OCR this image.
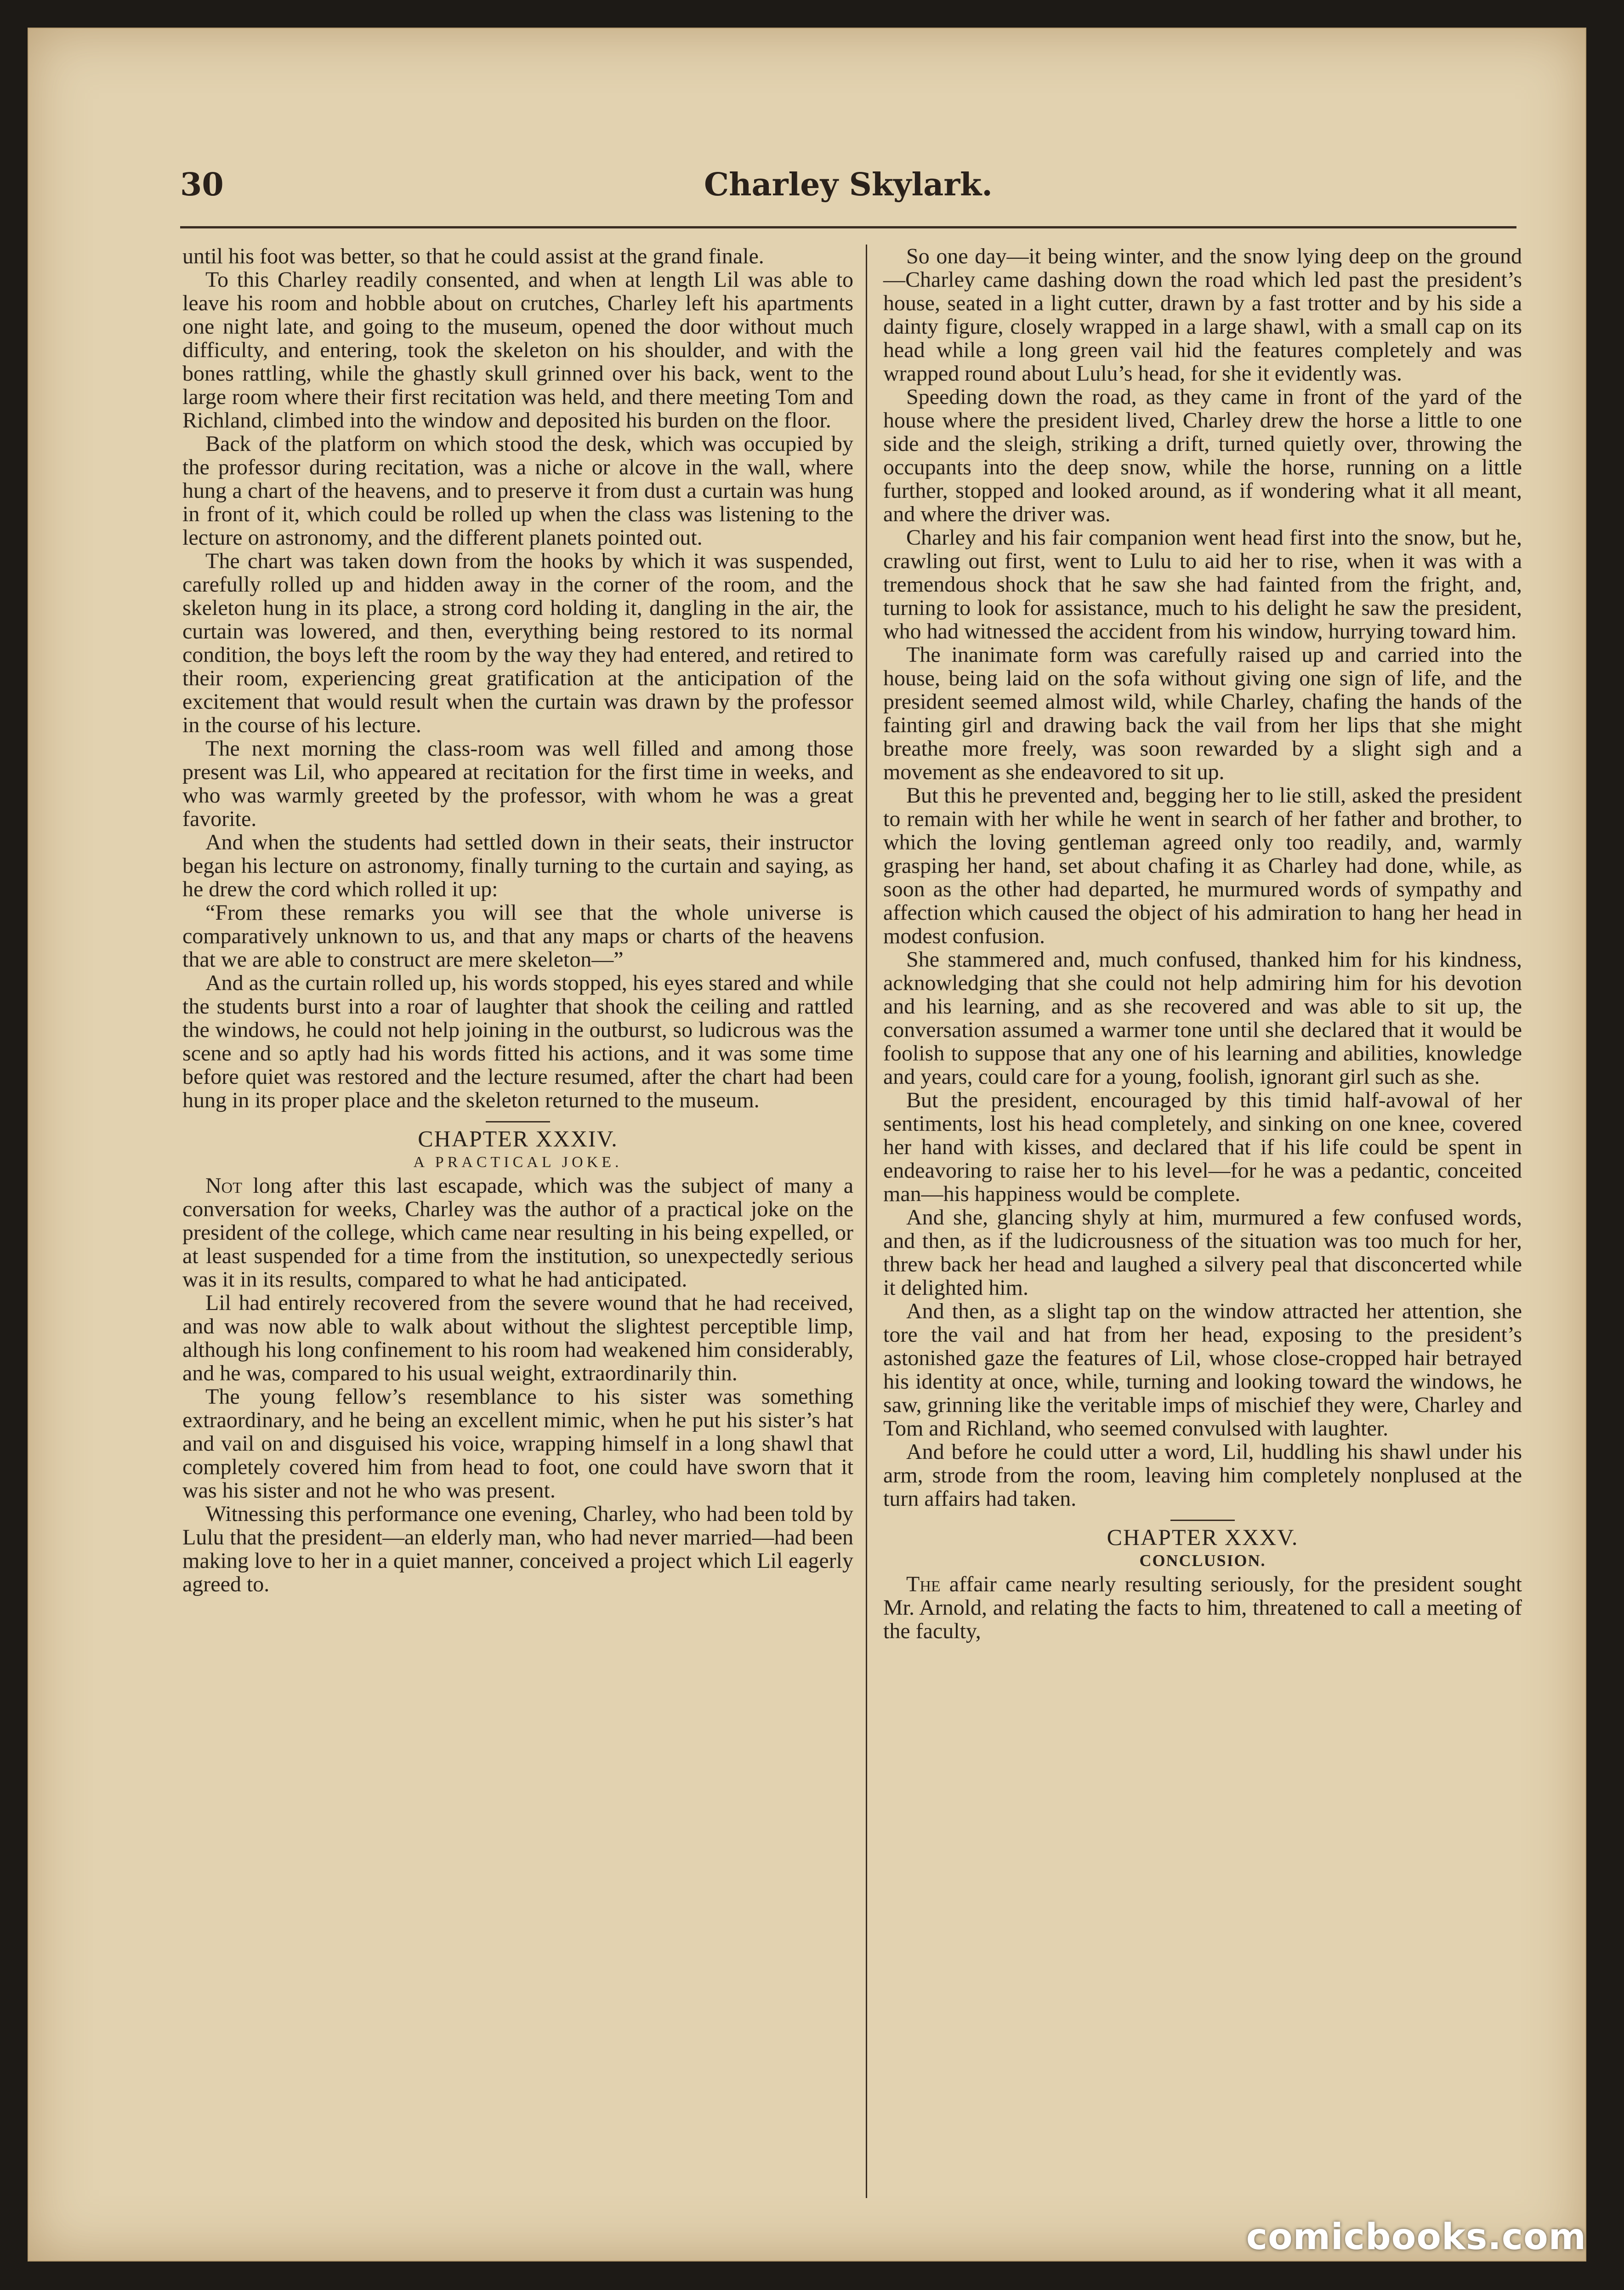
30	Charley Skylark.

until his foot was better, so that he could assist at the grand finale.

To this Charley readily consented, and when at length Lil was able to leave his room and hobble about on crutches, Charley left his apartments one night late, and going to the museum, opened the door without much difficulty, and entering, took the skeleton on his shoulder, and with the bones rattling, while the ghastly skull grinned over his back, went to the large room where their first recitation was held, and there meeting Tom and Richland, climbed into the window and deposited his burden on the floor.

Back of the platform on which stood the desk, which was occupied by the professor during recitation, was a niche or alcove in the wall, where hung a chart of the heavens, and to preserve it from dust a curtain was hung in front of it, which could be rolled up when the class was listening to the lecture on astronomy, and the different planets pointed out.

The chart was taken down from the hooks by which it was suspended, carefully rolled up and hidden away in the corner of the room, and the skeleton hung in its place, a strong cord holding it, dangling in the air, the curtain was lowered, and then, everything being restored to its normal condition, the boys left the room by the way they had entered, and retired to their room, experiencing great gratification at the anticipation of the excitement that would result when the curtain was drawn by the professor in the course of his lecture.

The next morning the class-room was well filled and among those present was Lil, who appeared at recitation for the first time in weeks, and who was warmly greeted by the professor, with whom he was a great favorite.

And when the students had settled down in their seats, their instructor began his lecture on astronomy, finally turning to the curtain and saying, as he drew the cord which rolled it up:

“From these remarks you will see that the whole universe is comparatively unknown to us, and that any maps or charts of the heavens that we are able to construct are mere skeleton—”

And as the curtain rolled up, his words stopped, his eyes stared and while the students burst into a roar of laughter that shook the ceiling and rattled the windows, he could not help joining in the outburst, so ludicrous was the scene and so aptly had his words fitted his actions, and it was some time before quiet was restored and the lecture resumed, after the chart had been hung in its proper place and the skeleton returned to the museum.

CHAPTER XXXIV.
A PRACTICAL JOKE.

Not long after this last escapade, which was the subject of many a conversation for weeks, Charley was the author of a practical joke on the president of the college, which came near resulting in his being expelled, or at least suspended for a time from the institution, so unexpectedly serious was it in its results, compared to what he had anticipated.

Lil had entirely recovered from the severe wound that he had received, and was now able to walk about without the slightest perceptible limp, although his long confinement to his room had weakened him considerably, and he was, compared to his usual weight, extraordinarily thin.

The young fellow’s resemblance to his sister was something extraordinary, and he being an excellent mimic, when he put his sister’s hat and vail on and disguised his voice, wrapping himself in a long shawl that completely covered him from head to foot, one could have sworn that it was his sister and not he who was present.

Witnessing this performance one evening, Charley, who had been told by Lulu that the president—an elderly man, who had never married—had been making love to her in a quiet manner, conceived a project which Lil eagerly agreed to.

So one day—it being winter, and the snow lying deep on the ground—Charley came dashing down the road which led past the president’s house, seated in a light cutter, drawn by a fast trotter and by his side a dainty figure, closely wrapped in a large shawl, with a small cap on its head while a long green vail hid the features completely and was wrapped round about Lulu’s head, for she it evidently was.

Speeding down the road, as they came in front of the yard of the house where the president lived, Charley drew the horse a little to one side and the sleigh, striking a drift, turned quietly over, throwing the occupants into the deep snow, while the horse, running on a little further, stopped and looked around, as if wondering what it all meant, and where the driver was.

Charley and his fair companion went head first into the snow, but he, crawling out first, went to Lulu to aid her to rise, when it was with a tremendous shock that he saw she had fainted from the fright, and, turning to look for assistance, much to his delight he saw the president, who had witnessed the accident from his window, hurrying toward him.

The inanimate form was carefully raised up and carried into the house, being laid on the sofa without giving one sign of life, and the president seemed almost wild, while Charley, chafing the hands of the fainting girl and drawing back the vail from her lips that she might breathe more freely, was soon rewarded by a slight sigh and a movement as she endeavored to sit up.

But this he prevented and, begging her to lie still, asked the president to remain with her while he went in search of her father and brother, to which the loving gentleman agreed only too readily, and, warmly grasping her hand, set about chafing it as Charley had done, while, as soon as the other had departed, he murmured words of sympathy and affection which caused the object of his admiration to hang her head in modest confusion.

She stammered and, much confused, thanked him for his kindness, acknowledging that she could not help admiring him for his devotion and his learning, and as she recovered and was able to sit up, the conversation assumed a warmer tone until she declared that it would be foolish to suppose that any one of his learning and abilities, knowledge and years, could care for a young, foolish, ignorant girl such as she.

But the president, encouraged by this timid half-avowal of her sentiments, lost his head completely, and sinking on one knee, covered her hand with kisses, and declared that if his life could be spent in endeavoring to raise her to his level—for he was a pedantic, conceited man—his happiness would be complete.

And she, glancing shyly at him, murmured a few confused words, and then, as if the ludicrousness of the situation was too much for her, threw back her head and laughed a silvery peal that disconcerted while it delighted him.

And then, as a slight tap on the window attracted her attention, she tore the vail and hat from her head, exposing to the president’s astonished gaze the features of Lil, whose close-cropped hair betrayed his identity at once, while, turning and looking toward the windows, he saw, grinning like the veritable imps of mischief they were, Charley and Tom and Richland, who seemed convulsed with laughter.

And before he could utter a word, Lil, huddling his shawl under his arm, strode from the room, leaving him completely nonplused at the turn affairs had taken.

CHAPTER XXXV.
CONCLUSION.

The affair came nearly resulting seriously, for the president sought Mr. Arnold, and relating the facts to him, threatened to call a meeting of the faculty,

comicbooks.com
